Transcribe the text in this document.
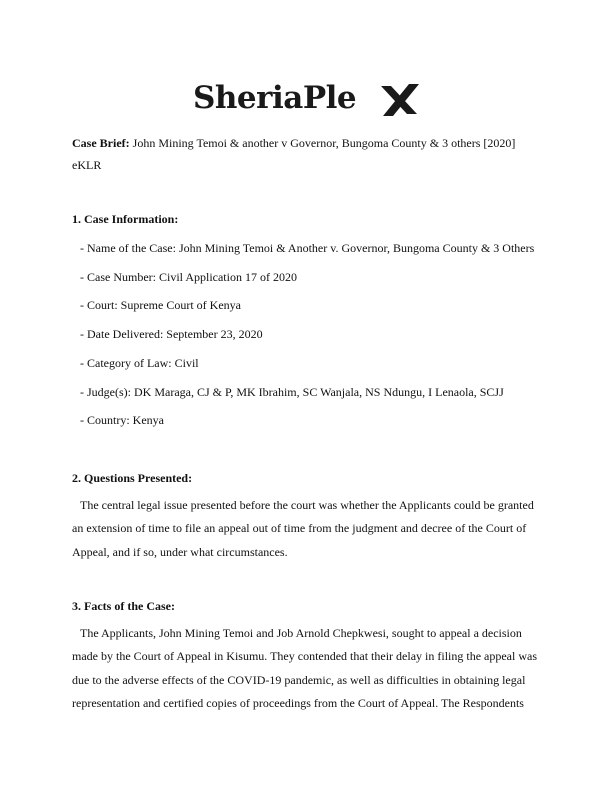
SheriaPle
Case Brief: John Mining Temoi & another v Governor, Bungoma County & 3 others [2020] eKLR
1. Case Information:
- Name of the Case: John Mining Temoi & Another v. Governor, Bungoma County & 3 Others
- Case Number: Civil Application 17 of 2020
- Court: Supreme Court of Kenya
- Date Delivered: September 23, 2020
- Category of Law: Civil
- Judge(s): DK Maraga, CJ & P, MK Ibrahim, SC Wanjala, NS Ndungu, I Lenaola, SCJJ
- Country: Kenya
2. Questions Presented:
The central legal issue presented before the court was whether the Applicants could be granted
an extension of time to file an appeal out of time from the judgment and decree of the Court of
Appeal, and if so, under what circumstances.
3. Facts of the Case:
The Applicants, John Mining Temoi and Job Arnold Chepkwesi, sought to appeal a decision
made by the Court of Appeal in Kisumu. They contended that their delay in filing the appeal was
due to the adverse effects of the COVID-19 pandemic, as well as difficulties in obtaining legal
representation and certified copies of proceedings from the Court of Appeal. The Respondents
